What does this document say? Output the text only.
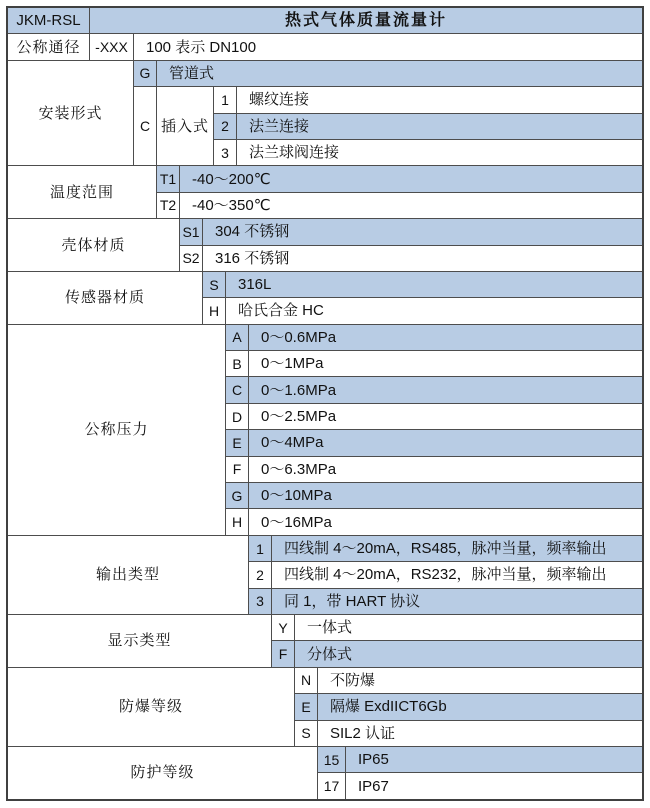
JKM-RSL	热式气体质量流量计
公称通径	-XXX	100 表示 DN100
安装形式
G	管道式
C 插入式
1	螺纹连接
2	法兰连接
3	法兰球阀连接
温度范围
T1	-40～200℃
T2	-40～350℃
壳体材质
S1	304 不锈钢
S2	316 不锈钢
传感器材质
S	316L
H	哈氏合金 HC
公称压力
A	0～0.6MPa
B	0～1MPa
C	0～1.6MPa
D	0～2.5MPa
E	0～4MPa
F	0～6.3MPa
G	0～10MPa
H	0～16MPa
输出类型
1	四线制 4～20mA，RS485，脉冲当量，频率输出
2	四线制 4～20mA，RS232，脉冲当量，频率输出
3	同 1，带 HART 协议
显示类型
Y	一体式
F	分体式
防爆等级
N	不防爆
E	隔爆 ExdIICT6Gb
S	SIL2 认证
防护等级
15	IP65
17	IP67
